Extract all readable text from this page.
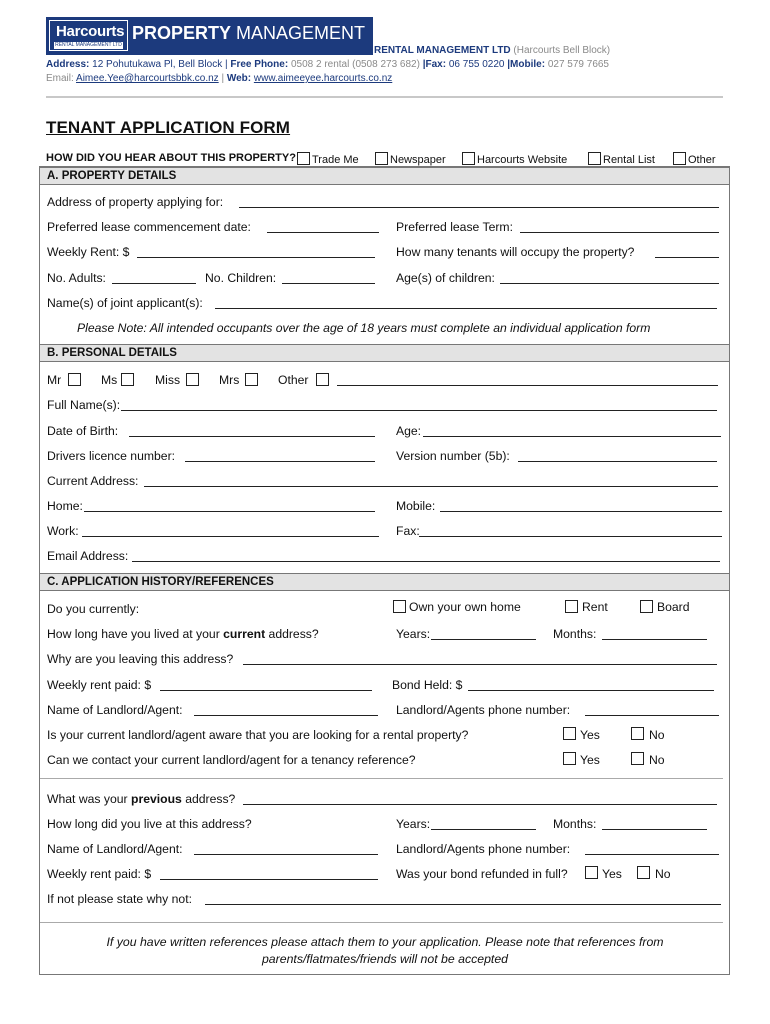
Harcourts
RENTAL MANAGEMENT LTD
PROPERTY MANAGEMENT
RENTAL MANAGEMENT LTD (Harcourts Bell Block)
Address: 12 Pohutukawa Pl, Bell Block | Free Phone: 0508 2 rental (0508 273 682) |Fax: 06 755 0220 |Mobile: 027 579 7665
Email: Aimee.Yee@harcourtsbbk.co.nz | Web: www.aimeeyee.harcourts.co.nz
TENANT APPLICATION FORM
HOW DID YOU HEAR ABOUT THIS PROPERTY?	Trade Me	Newspaper	Harcourts Website	Rental List	Other
A. PROPERTY DETAILS
Address of property applying for:
Preferred lease commencement date:	Preferred lease Term:
Weekly Rent: $	How many tenants will occupy the property?
No. Adults:	No. Children:	Age(s) of children:
Name(s) of joint applicant(s):
Please Note: All intended occupants over the age of 18 years must complete an individual application form
B. PERSONAL DETAILS
Mr	Ms	Miss	Mrs	Other
Full Name(s):
Date of Birth:	Age:
Drivers licence number:	Version number (5b):
Current Address:
Home:	Mobile:
Work:	Fax:
Email Address:
C. APPLICATION HISTORY/REFERENCES
Do you currently:	Own your own home	Rent	Board
How long have you lived at your current address?	Years:	Months:
Why are you leaving this address?
Weekly rent paid: $	Bond Held: $
Name of Landlord/Agent:	Landlord/Agents phone number:
Is your current landlord/agent aware that you are looking for a rental property?	Yes	No
Can we contact your current landlord/agent for a tenancy reference?	Yes	No
What was your previous address?
How long did you live at this address?	Years:	Months:
Name of Landlord/Agent:	Landlord/Agents phone number:
Weekly rent paid: $	Was your bond refunded in full?	Yes	No
If not please state why not:
If you have written references please attach them to your application. Please note that references from
parents/flatmates/friends will not be accepted
